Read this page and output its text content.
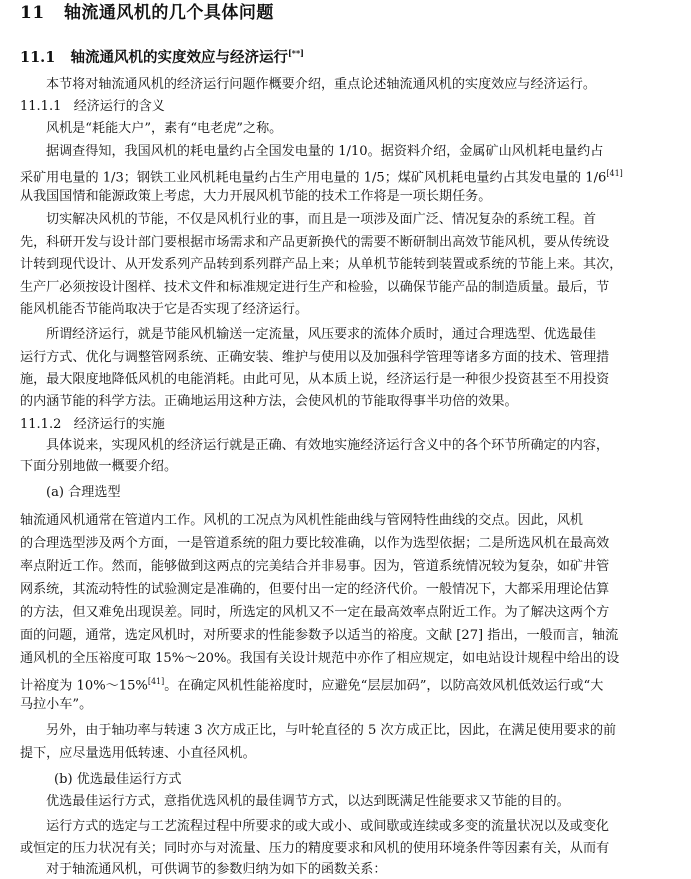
11 轴流通风机的几个具体问题
11.1 轴流通风机的实度效应与经济运行[**]
本节将对轴流通风机的经济运行问题作概要介绍，重点论述轴流通风机的实度效应与经济运行。
11.1.1 经济运行的含义
风机是“耗能大户”，素有“电老虎”之称。
据调查得知，我国风机的耗电量约占全国发电量的 1/10。据资料介绍，金属矿山风机耗电量约占
采矿用电量的 1/3；钢铁工业风机耗电量约占生产用电量的 1/5；煤矿风机耗电量约占其发电量的 1/6[41]
从我国国情和能源政策上考虑，大力开展风机节能的技术工作将是一项长期任务。
切实解决风机的节能，不仅是风机行业的事，而且是一项涉及面广泛、情况复杂的系统工程。首
先，科研开发与设计部门要根据市场需求和产品更新换代的需要不断研制出高效节能风机，要从传统设
计转到现代设计、从开发系列产品转到系列群产品上来；从单机节能转到装置或系统的节能上来。其次，
生产厂必须按设计图样、技术文件和标准规定进行生产和检验，以确保节能产品的制造质量。最后，节
能风机能否节能尚取决于它是否实现了经济运行。
所谓经济运行，就是节能风机输送一定流量，风压要求的流体介质时，通过合理选型、优选最佳
运行方式、优化与调整管网系统、正确安装、维护与使用以及加强科学管理等诸多方面的技术、管理措
施，最大限度地降低风机的电能消耗。由此可见，从本质上说，经济运行是一种很少投资甚至不用投资
的内涵节能的科学方法。正确地运用这种方法，会使风机的节能取得事半功倍的效果。
11.1.2 经济运行的实施
具体说来，实现风机的经济运行就是正确、有效地实施经济运行含义中的各个环节所确定的内容，
下面分别地做一概要介绍。
(a) 合理选型
轴流通风机通常在管道内工作。风机的工况点为风机性能曲线与管网特性曲线的交点。因此，风机
的合理选型涉及两个方面，一是管道系统的阻力要比较准确，以作为选型依据；二是所选风机在最高效
率点附近工作。然而，能够做到这两点的完美结合并非易事。因为，管道系统情况较为复杂，如矿井管
网系统，其流动特性的试验测定是准确的，但要付出一定的经济代价。一般情况下，大都采用理论估算
的方法，但又难免出现误差。同时，所选定的风机又不一定在最高效率点附近工作。为了解决这两个方
面的问题，通常，选定风机时，对所要求的性能参数予以适当的裕度。文献 [27] 指出，一般而言，轴流
通风机的全压裕度可取 15%～20%。我国有关设计规范中亦作了相应规定，如电站设计规程中给出的设
计裕度为 10%～15%[41]。在确定风机性能裕度时，应避免“层层加码”，以防高效风机低效运行或“大
马拉小车”。
另外，由于轴功率与转速 3 次方成正比，与叶轮直径的 5 次方成正比，因此，在满足使用要求的前
提下，应尽量选用低转速、小直径风机。
(b) 优选最佳运行方式
优选最佳运行方式，意指优选风机的最佳调节方式，以达到既满足性能要求又节能的目的。
运行方式的选定与工艺流程过程中所要求的或大或小、或间歇或连续或多变的流量状况以及或变化
或恒定的压力状况有关；同时亦与对流量、压力的精度要求和风机的使用环境条件等因素有关，从而有
对于轴流通风机，可供调节的参数归纳为如下的函数关系：
